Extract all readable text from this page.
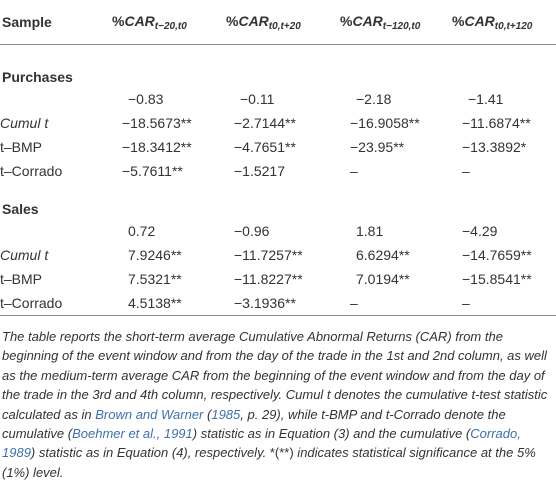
Sample	$\%CAR_{t-20,t0}$	$\%CAR_{t0,t+20}$	$\%CAR_{t-120,t0}$	$\%CAR_{t0,t+120}$
Purchases				
	−0.83	−0.11	−2.18	−1.41
Cumul t	−18.5673**	−2.7144**	−16.9058**	−11.6874**
t–BMP	−18.3412**	−4.7651**	−23.95**	−13.3892*
t–Corrado	−5.7611**	−1.5217	–	–
Sales				
	0.72	−0.96	1.81	−4.29
Cumul t	7.9246**	−11.7257**	6.6294**	−14.7659**
t–BMP	7.5321**	−11.8227**	7.0194**	−15.8541**
t–Corrado	4.5138**	−3.1936**	–	–
The table reports the short-term average Cumulative Abnormal Returns (CAR) from the beginning of the event window and from the day of the trade in the 1st and 2nd column, as well as the medium-term average CAR from the beginning of the event window and from the day of the trade in the 3rd and 4th column, respectively. Cumul t denotes the cumulative t-test statistic calculated as in Brown and Warner (1985, p. 29), while t-BMP and t-Corrado denote the cumulative (Boehmer et al., 1991) statistic as in Equation (3) and the cumulative (Corrado, 1989) statistic as in Equation (4), respectively. *(**) indicates statistical significance at the 5% (1%) level.
